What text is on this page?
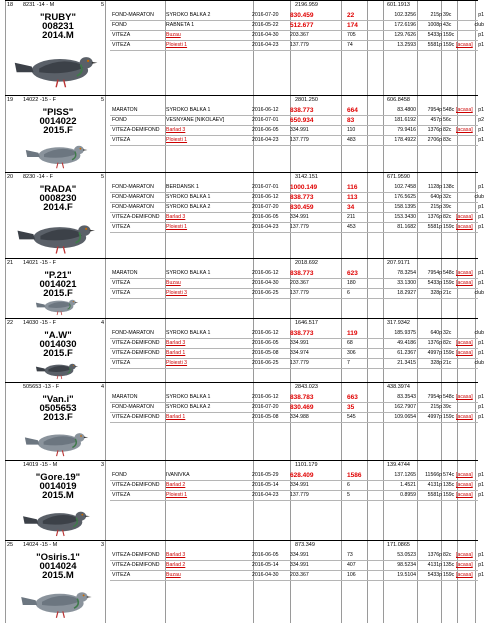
18 8231 -14 - M	5	2196.959	601.1913
"RUBY"
008231
2014.M
FOND-MARATON	SYROKO BALKA 2	2016-07-20	830.459	22	102.3256	215p 39c	p1
FOND	RABNETA 1	2016-05-22	512.677	174	172.6196	1008p 43c	club
VITEZA	Buzau	2016-04-30	203.367	705	129.7626	5433p 159c	p1
VITEZA	Ploiesti 1	2016-04-23	137.779	74	13.2593	5581p 159c [acasa]	p1
19 14022 -15 - F	5	2801.250	606.8458
"PISS"
0014022
2015.F
MARATON	SYROKO BALKA 1	2016-06-12	838.773	664	83.4800	7954p 548c [acasa]	p1
FOND	VESNYANE [NIKOLAEV]	2016-07-01	650.934	83	181.6192	457p 56c	p2
VITEZA-DEMIFOND	Barlad 3	2016-06-05	334.991	110	79.9416	1376p 82c [acasa]	p1
VITEZA	Ploiesti 1	2016-04-23	137.779	483	178.4922	2706p 83c	p1
20 8230 -14 - F	5	3142.151	671.9590
"RADA"
0008230
2014.F
FOND-MARATON	BERDANSK 1	2016-07-01	1000.149	116	102.7458	1128p 138c	p1
FOND-MARATON	SYROKO BALKA 1	2016-06-12	838.773	113	176.5625	640p 32c	club
FOND-MARATON	SYROKO BALKA 2	2016-07-20	830.459	34	158.1395	215p 39c	p1
VITEZA-DEMIFOND	Barlad 3	2016-06-05	334.991	211	153.3430	1376p 82c [acasa]	p1
VITEZA	Ploiesti 1	2016-04-23	137.779	453	81.1682	5581p 159c [acasa]	p1
21 14021 -15 - F	2018.692	207.9171
"P.21"
0014021
2015.F
MARATON	SYROKO BALKA 1	2016-06-12	838.773	623	78.3254	7954p 548c [acasa]	p1
VITEZA	Buzau	2016-04-30	203.367	180	33.1300	5433p 159c [acasa]	p1
VITEZA	Ploiesti 3	2016-06-25	137.779	6	18.2927	328p 21c	club
22 14030 -15 - F	4	1646.517	317.9342
"A.W"
0014030
2015.F
FOND-MARATON	SYROKO BALKA 1	2016-06-12	838.773	119	185.9375	640p 32c	club
VITEZA-DEMIFOND	Barlad 3	2016-06-05	334.991	68	49.4186	1376p 82c [acasa]	p1
VITEZA-DEMIFOND	Barlad 1	2016-05-08	334.974	306	61.2367	4997p 159c [acasa]	p1
VITEZA	Ploiesti 3	2016-06-25	137.779	7	21.3415	328p 21c	club
505653 -13 - F	4	2843.023	438.3974
"Van.i"
0505653
2013.F
MARATON	SYROKO BALKA 1	2016-06-12	838.783	663	83.3543	7954p 548c [acasa]	p1
FOND-MARATON	SYROKO BALKA 2	2016-07-20	830.469	35	162.7907	215p 39c	p1
VITEZA-DEMIFOND	Barlad 1	2016-05-08	334.988	545	109.0654	4997p 159c [acasa]	p1
14019 -15 - M	3	1101.179	139.4744
"Gore.19"
0014019
2015.M
FOND	IVANIVKA	2016-05-29	628.409	1586	137.1265	11566p 574c [acasa]	p1
VITEZA-DEMIFOND	Barlad 2	2016-05-14	334.991	6	1.4521	4131p 135c [acasa]	p1
VITEZA	Ploiesti 1	2016-04-23	137.779	5	0.8959	5581p 159c [acasa]	p1
25 14024 -15 - M	3	873.349	171.0865
"Osiris.1"
0014024
2015.M
VITEZA-DEMIFOND	Barlad 3	2016-06-05	334.991	73	53.0523	1376p 82c [acasa]	p1
VITEZA-DEMIFOND	Barlad 2	2016-05-14	334.991	407	98.5234	4131p 135c [acasa]	p1
VITEZA	Buzau	2016-04-30	203.367	106	19.5104	5433p 159c [acasa]	p1
